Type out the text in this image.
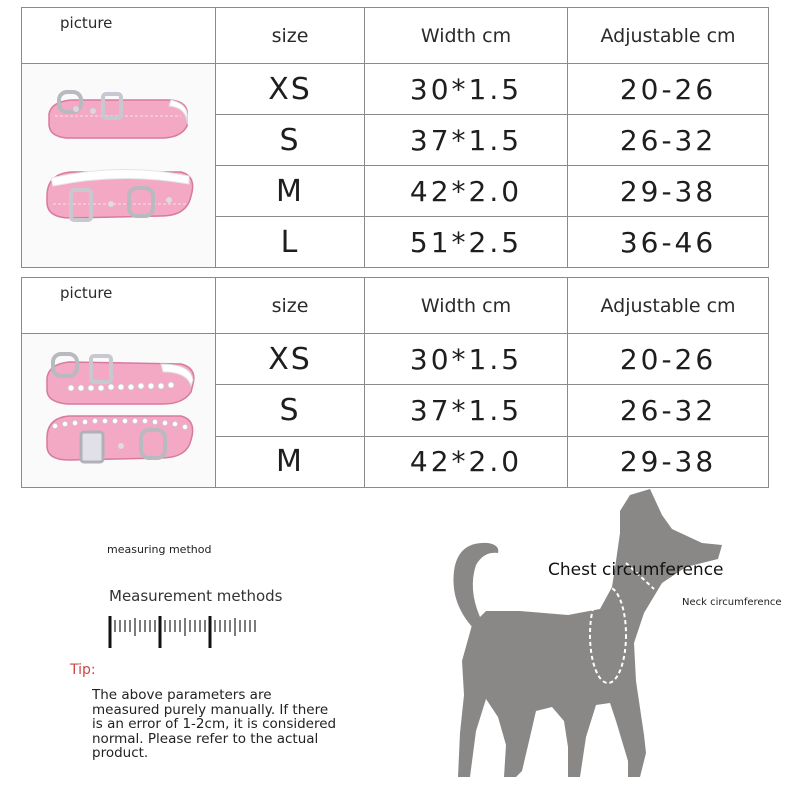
picture	size	Width cm	Adjustable cm
	XS	30*1.5	20-26
	S	37*1.5	26-32
	M	42*2.0	29-38
	L	51*2.5	36-46
picture	size	Width cm	Adjustable cm
	XS	30*1.5	20-26
	S	37*1.5	26-32
	M	42*2.0	29-38
measuring method
Measurement methods
Tip:
The above parameters are measured purely manually. If there is an error of 1-2cm, it is considered normal. Please refer to the actual product.
Chest circumference
Neck circumference
